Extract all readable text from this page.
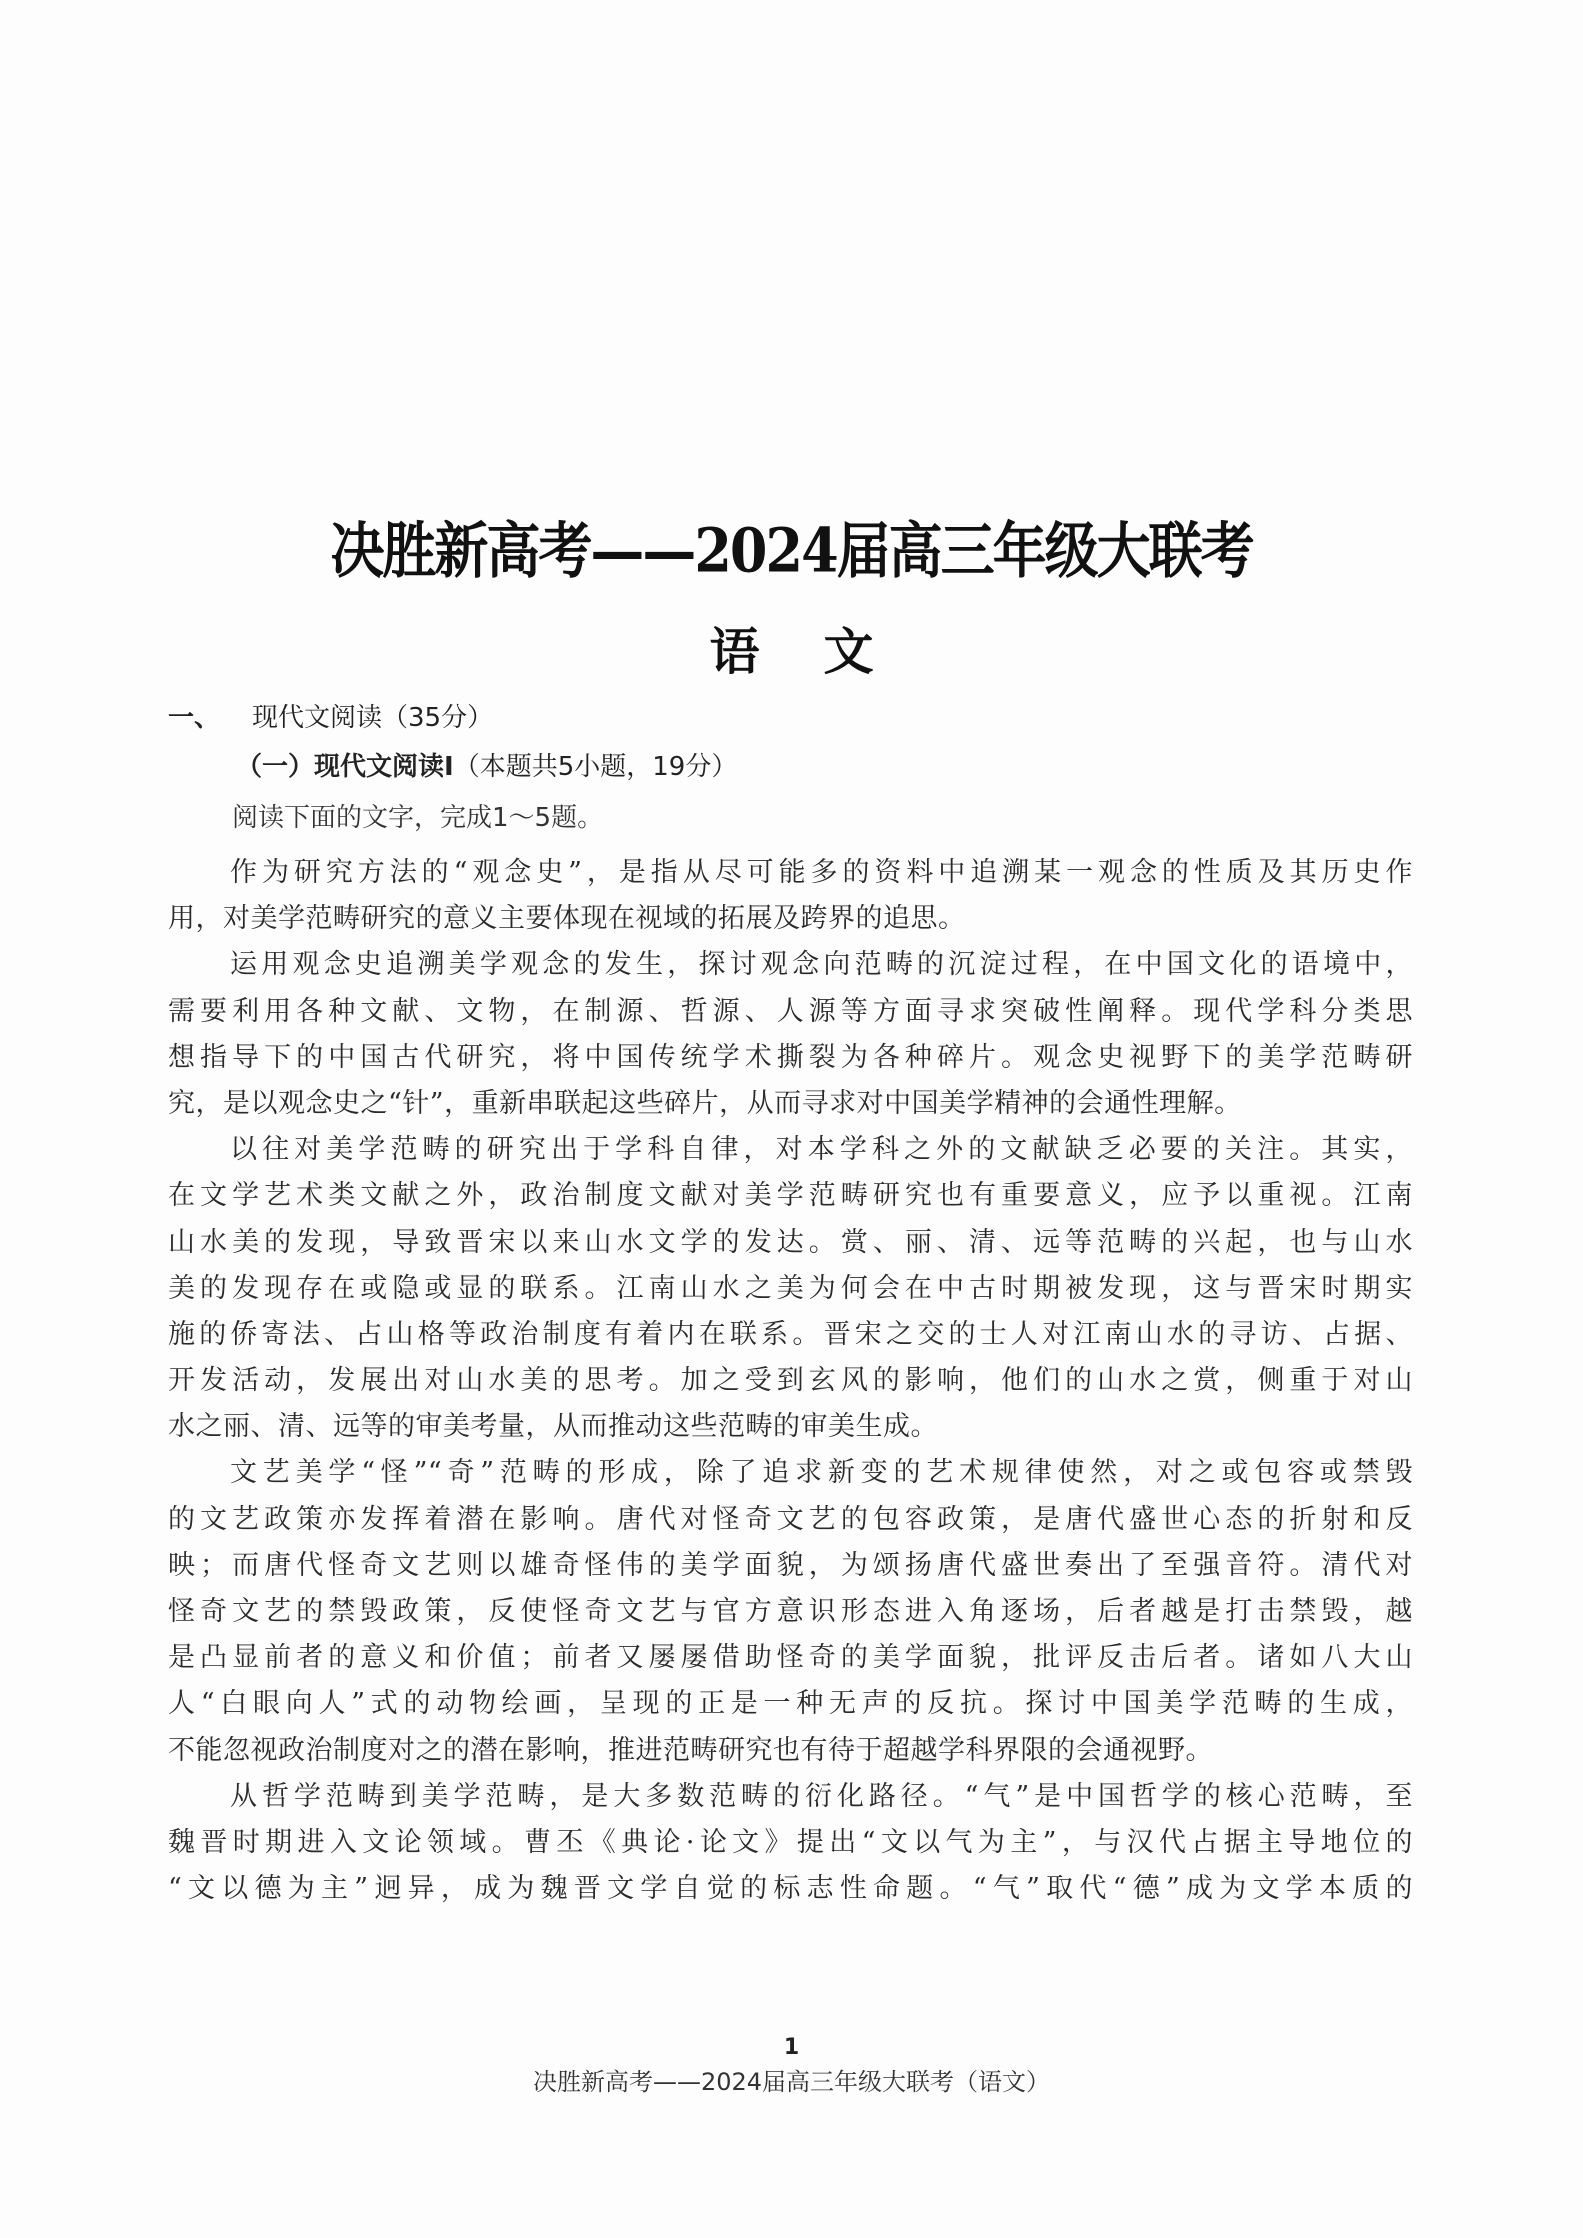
决胜新高考——2024届高三年级大联考
语 文
一、 现代文阅读（35分）
（一）现代文阅读Ⅰ（本题共5小题，19分）
阅读下面的文字，完成1～5题。
作为研究方法的“观念史”，是指从尽可能多的资料中追溯某一观念的性质及其历史作
用，对美学范畴研究的意义主要体现在视域的拓展及跨界的追思。
运用观念史追溯美学观念的发生，探讨观念向范畴的沉淀过程，在中国文化的语境中，
需要利用各种文献、文物，在制源、哲源、人源等方面寻求突破性阐释。现代学科分类思
想指导下的中国古代研究，将中国传统学术撕裂为各种碎片。观念史视野下的美学范畴研
究，是以观念史之“针”，重新串联起这些碎片，从而寻求对中国美学精神的会通性理解。
以往对美学范畴的研究出于学科自律，对本学科之外的文献缺乏必要的关注。其实，
在文学艺术类文献之外，政治制度文献对美学范畴研究也有重要意义，应予以重视。江南
山水美的发现，导致晋宋以来山水文学的发达。赏、丽、清、远等范畴的兴起，也与山水
美的发现存在或隐或显的联系。江南山水之美为何会在中古时期被发现，这与晋宋时期实
施的侨寄法、占山格等政治制度有着内在联系。晋宋之交的士人对江南山水的寻访、占据、
开发活动，发展出对山水美的思考。加之受到玄风的影响，他们的山水之赏，侧重于对山
水之丽、清、远等的审美考量，从而推动这些范畴的审美生成。
文艺美学“怪”“奇”范畴的形成，除了追求新变的艺术规律使然，对之或包容或禁毁
的文艺政策亦发挥着潜在影响。唐代对怪奇文艺的包容政策，是唐代盛世心态的折射和反
映；而唐代怪奇文艺则以雄奇怪伟的美学面貌，为颂扬唐代盛世奏出了至强音符。清代对
怪奇文艺的禁毁政策，反使怪奇文艺与官方意识形态进入角逐场，后者越是打击禁毁，越
是凸显前者的意义和价值；前者又屡屡借助怪奇的美学面貌，批评反击后者。诸如八大山
人“白眼向人”式的动物绘画，呈现的正是一种无声的反抗。探讨中国美学范畴的生成，
不能忽视政治制度对之的潜在影响，推进范畴研究也有待于超越学科界限的会通视野。
从哲学范畴到美学范畴，是大多数范畴的衍化路径。“气”是中国哲学的核心范畴，至
魏晋时期进入文论领域。曹丕《典论·论文》提出“文以气为主”，与汉代占据主导地位的
“文以德为主”迥异，成为魏晋文学自觉的标志性命题。“气”取代“德”成为文学本质的
1
决胜新高考——2024届高三年级大联考（语文）
